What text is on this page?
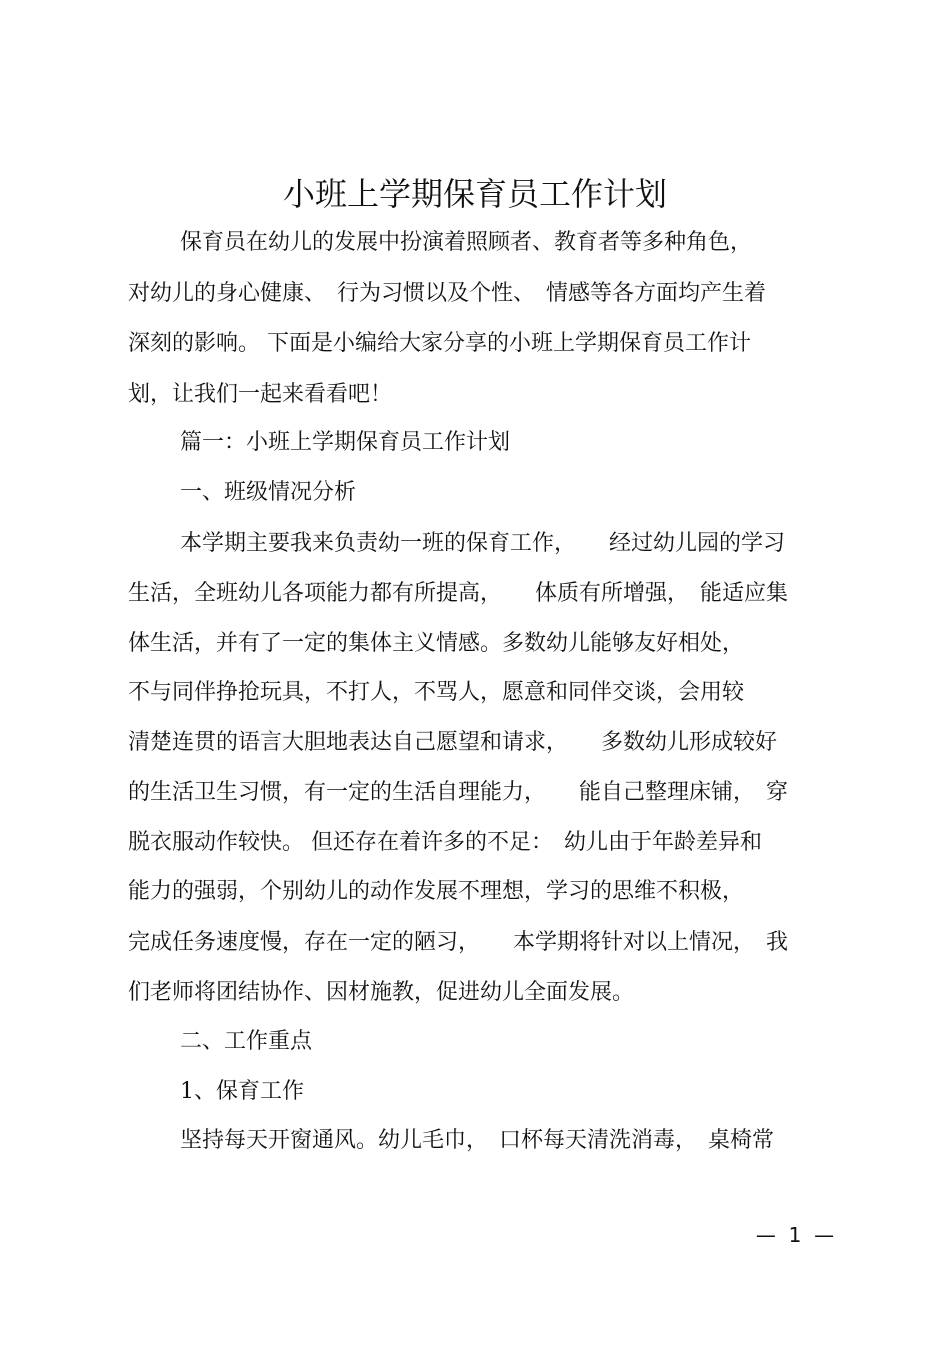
小班上学期保育员工作计划
保育员在幼儿的发展中扮演着照顾者、教育者等多种角色，
对幼儿的身心健康、　行为习惯以及个性、　情感等各方面均产生着
深刻的影响。 下面是小编给大家分享的小班上学期保育员工作计
划，让我们一起来看看吧！
篇一：小班上学期保育员工作计划
一、班级情况分析
本学期主要我来负责幼一班的保育工作，　　经过幼儿园的学习
生活，全班幼儿各项能力都有所提高，　　体质有所增强，　能适应集
体生活，并有了一定的集体主义情感。多数幼儿能够友好相处，
不与同伴挣抢玩具，不打人，不骂人，愿意和同伴交谈，会用较
清楚连贯的语言大胆地表达自己愿望和请求，　　多数幼儿形成较好
的生活卫生习惯，有一定的生活自理能力，　　能自己整理床铺，　穿
脱衣服动作较快。 但还存在着许多的不足：　幼儿由于年龄差异和
能力的强弱，个别幼儿的动作发展不理想，学习的思维不积极，
完成任务速度慢，存在一定的陋习，　　本学期将针对以上情况，　我
们老师将团结协作、因材施教，促进幼儿全面发展。
二、工作重点
1、保育工作
坚持每天开窗通风。幼儿毛巾，　口杯每天清洗消毒，　桌椅常
—  1  —
